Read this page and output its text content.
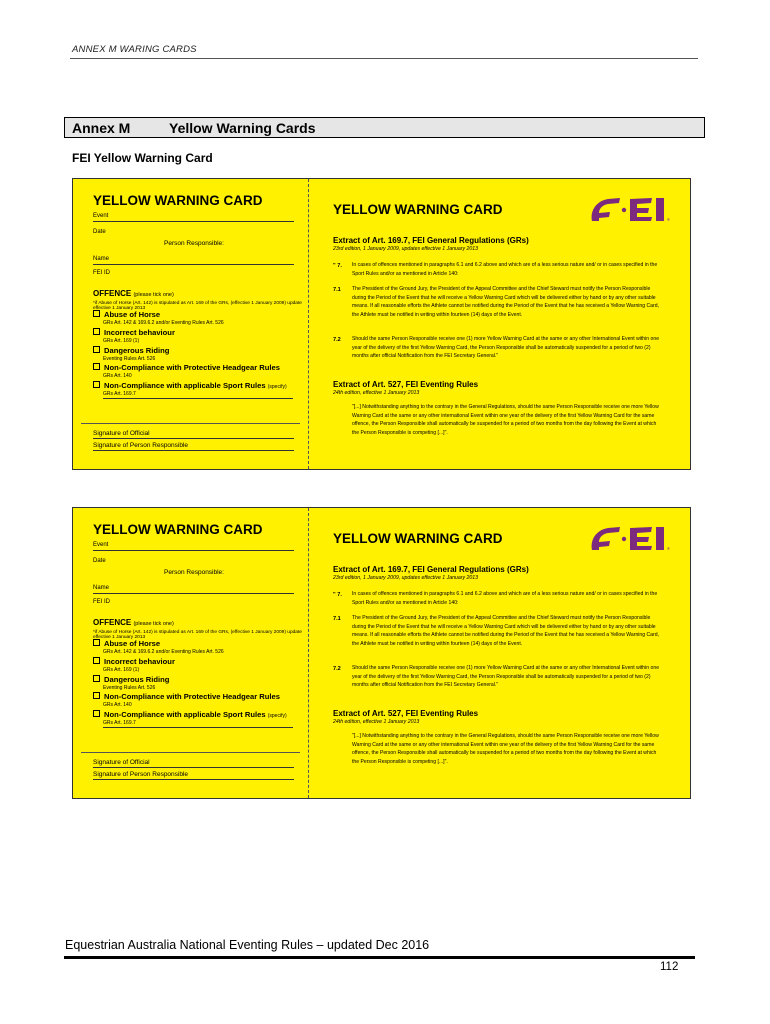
ANNEX M WARING CARDS
Annex M	Yellow Warning Cards
FEI Yellow Warning Card
YELLOW WARNING CARD
Event
Date
Person Responsible:
Name
FEI ID
OFFENCE (please tick one)
*if Abuse of Horse (Art. 142) is stipulated as Art. 169 of the GRs, (effective 1 January 2009) update effective 1 January 2013
Abuse of Horse
GRs Art. 142 & 169.6.2 and/or Eventing Rules Art. 526
Incorrect behaviour
GRs Art. 169 (1)
Dangerous Riding
Eventing Rules Art. 526
Non-Compliance with Protective Headgear Rules
GRs Art. 140
Non-Compliance with applicable Sport Rules (specify)
GRs Art. 169.7
Signature of Official
Signature of Person Responsible
YELLOW WARNING CARD
®
Extract of Art. 169.7, FEI General Regulations (GRs)
23rd edition, 1 January 2009, updates effective 1 January 2013
" 7. In cases of offences mentioned in paragraphs 6.1 and 6.2 above and which are of a less serious nature and/ or in cases specified in the Sport Rules and/or as mentioned in Article 140:
7.1 The President of the Ground Jury, the President of the Appeal Committee and the Chief Steward must notify the Person Responsible during the Period of the Event that he will receive a Yellow Warning Card which will be delivered either by hand or by any other suitable means. If all reasonable efforts the Athlete cannot be notified during the Period of the Event that he has received a Yellow Warning Card, the Athlete must be notified in writing within fourteen (14) days of the Event.
7.2 Should the same Person Responsible receive one (1) more Yellow Warning Card at the same or any other International Event within one year of the delivery of the first Yellow Warning Card, the Person Responsible shall be automatically suspended for a period of two (2) months after official Notification from the FEI Secretary General."
Extract of Art. 527, FEI Eventing Rules
24th edition, effective 1 January 2013
"[...] Notwithstanding anything to the contrary in the General Regulations, should the same Person Responsible receive one more Yellow Warning Card at the same or any other international Event within one year of the delivery of the first Yellow Warning Card for the same offence, the Person Responsible shall automatically be suspended for a period of two months from the day following the Event at which the Person Responsible is competing [...]".
YELLOW WARNING CARD
Event
Date
Person Responsible:
Name
FEI ID
OFFENCE (please tick one)
*if Abuse of Horse (Art. 142) is stipulated as Art. 169 of the GRs, (effective 1 January 2009) update effective 1 January 2013
Abuse of Horse
GRs Art. 142 & 169.6.2 and/or Eventing Rules Art. 526
Incorrect behaviour
GRs Art. 169 (1)
Dangerous Riding
Eventing Rules Art. 526
Non-Compliance with Protective Headgear Rules
GRs Art. 140
Non-Compliance with applicable Sport Rules (specify)
GRs Art. 169.7
Signature of Official
Signature of Person Responsible
YELLOW WARNING CARD
®
Extract of Art. 169.7, FEI General Regulations (GRs)
23rd edition, 1 January 2009, updates effective 1 January 2013
" 7. In cases of offences mentioned in paragraphs 6.1 and 6.2 above and which are of a less serious nature and/ or in cases specified in the Sport Rules and/or as mentioned in Article 140:
7.1 The President of the Ground Jury, the President of the Appeal Committee and the Chief Steward must notify the Person Responsible during the Period of the Event that he will receive a Yellow Warning Card which will be delivered either by hand or by any other suitable means. If all reasonable efforts the Athlete cannot be notified during the Period of the Event that he has received a Yellow Warning Card, the Athlete must be notified in writing within fourteen (14) days of the Event.
7.2 Should the same Person Responsible receive one (1) more Yellow Warning Card at the same or any other International Event within one year of the delivery of the first Yellow Warning Card, the Person Responsible shall be automatically suspended for a period of two (2) months after official Notification from the FEI Secretary General."
Extract of Art. 527, FEI Eventing Rules
24th edition, effective 1 January 2013
"[...] Notwithstanding anything to the contrary in the General Regulations, should the same Person Responsible receive one more Yellow Warning Card at the same or any other international Event within one year of the delivery of the first Yellow Warning Card for the same offence, the Person Responsible shall automatically be suspended for a period of two months from the day following the Event at which the Person Responsible is competing [...]".
Equestrian Australia National Eventing Rules – updated Dec 2016
112
